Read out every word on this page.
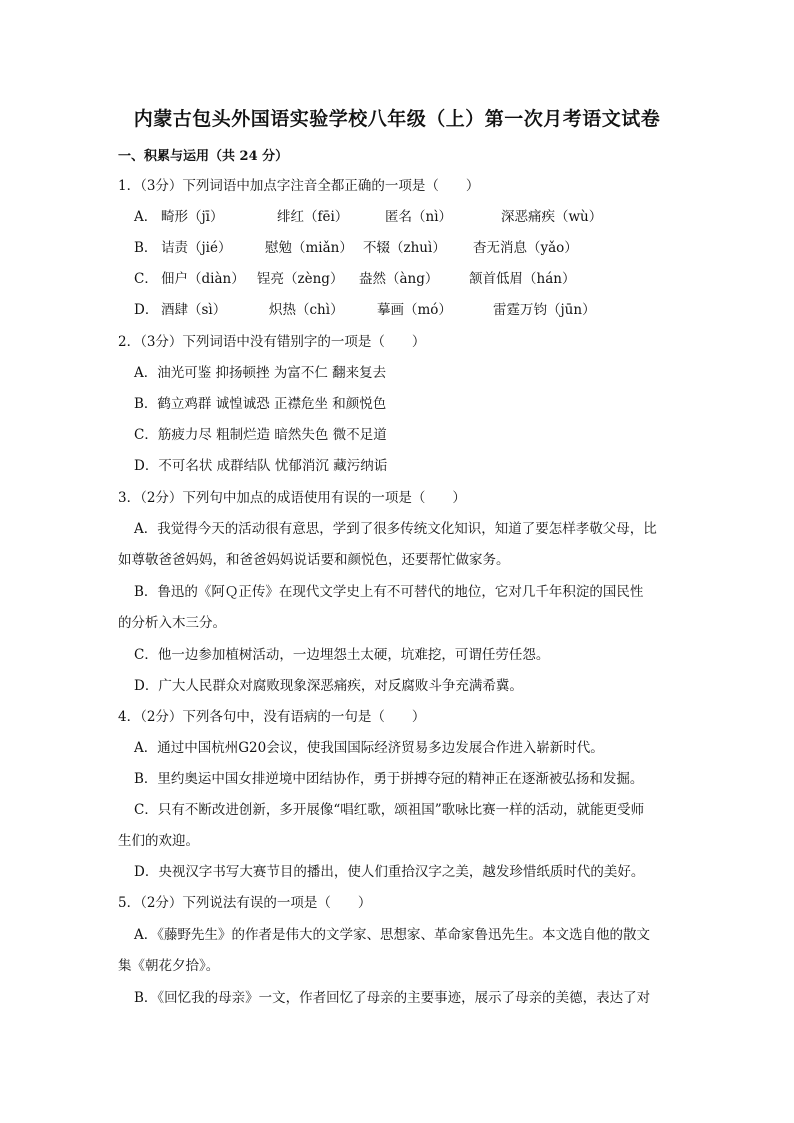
内蒙古包头外国语实验学校八年级（上）第一次月考语文试卷
一、积累与运用（共 24 分）
1．（3分）下列词语中加点字注音全都正确的一项是（　　）
A． 畸形（jī）	绯红（fēi）	匿名（nì）	深恶痛疾（wù）
B． 诘责（jié） 慰勉（miǎn） 不辍（zhuì） 杳无消息（yǎo）
C． 佃户（diàn） 锃亮（zèng） 盎然（àng） 颔首低眉（hán）
D． 酒肆（sì）	炽热（chì） 摹画（mó）	雷霆万钧（jūn）
2．（3分）下列词语中没有错别字的一项是（　　）
A．油光可鉴 抑扬顿挫 为富不仁 翻来复去
B．鹤立鸡群 诚惶诚恐 正襟危坐 和颜悦色
C．筋疲力尽 粗制烂造 暗然失色 微不足道
D．不可名状 成群结队 忧郁消沉 藏污纳诟
3．（2分）下列句中加点的成语使用有误的一项是（　　）
A．我觉得今天的活动很有意思，学到了很多传统文化知识，知道了要怎样孝敬父母，比
如尊敬爸爸妈妈，和爸爸妈妈说话要和颜悦色，还要帮忙做家务。
B．鲁迅的《阿Ｑ正传》在现代文学史上有不可替代的地位，它对几千年积淀的国民性
的分析入木三分。
C．他一边参加植树活动，一边埋怨土太硬，坑难挖，可谓任劳任怨。
D．广大人民群众对腐败现象深恶痛疾，对反腐败斗争充满希冀。
4．（2分）下列各句中，没有语病的一句是（　　）
A．通过中国杭州G20会议，使我国国际经济贸易多边发展合作进入崭新时代。
B．里约奥运中国女排逆境中团结协作，勇于拼搏夺冠的精神正在逐渐被弘扬和发掘。
C．只有不断改进创新，多开展像“唱红歌，颂祖国”歌咏比赛一样的活动，就能更受师
生们的欢迎。
D．央视汉字书写大赛节目的播出，使人们重拾汉字之美，越发珍惜纸质时代的美好。
5．（2分）下列说法有误的一项是（　　）
A．《藤野先生》的作者是伟大的文学家、思想家、革命家鲁迅先生。本文选自他的散文
集《朝花夕拾》。
B．《回忆我的母亲》一文，作者回忆了母亲的主要事迹，展示了母亲的美德，表达了对
